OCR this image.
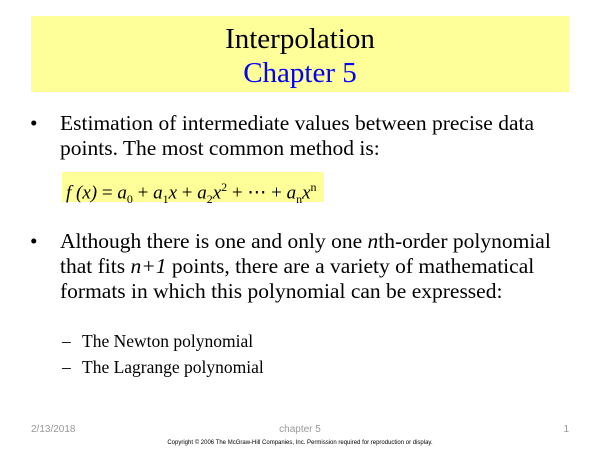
Interpolation
Chapter 5
• Estimation of intermediate values between precise data points. The most common method is:
f $(x) = a_0 + a_1x + a_2x^2$ + ⋯ + $a_nx^n$
• Although there is one and only one nth-order polynomial that fits n+1 points, there are a variety of mathematical formats in which this polynomial can be expressed:
– The Newton polynomial
– The Lagrange polynomial
2/13/2018	chapter 5	1
Copyright © 2006 The McGraw-Hill Companies, Inc. Permission required for reproduction or display.
